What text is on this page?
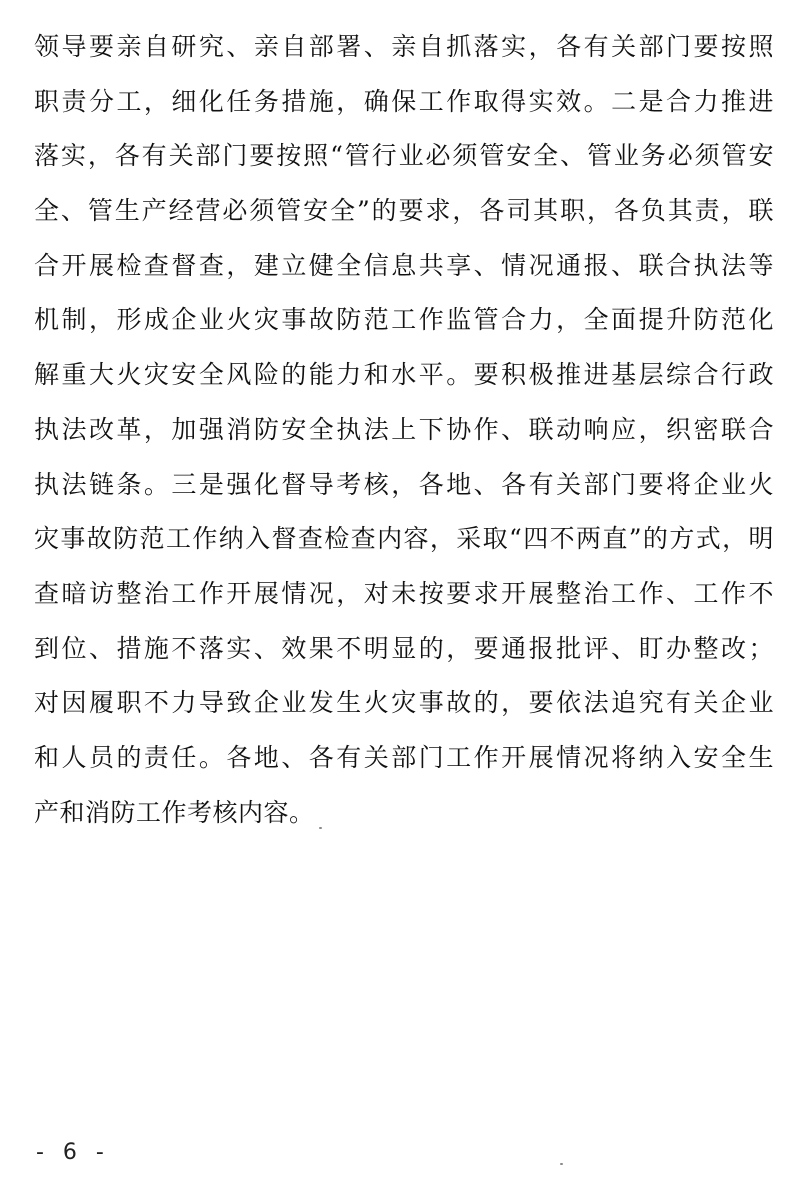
领导要亲自研究、亲自部署、亲自抓落实，各有关部门要按照
职责分工，细化任务措施，确保工作取得实效。二是合力推进
落实，各有关部门要按照“管行业必须管安全、管业务必须管安
全、管生产经营必须管安全”的要求，各司其职，各负其责，联
合开展检查督查，建立健全信息共享、情况通报、联合执法等
机制，形成企业火灾事故防范工作监管合力，全面提升防范化
解重大火灾安全风险的能力和水平。要积极推进基层综合行政
执法改革，加强消防安全执法上下协作、联动响应，织密联合
执法链条。三是强化督导考核，各地、各有关部门要将企业火
灾事故防范工作纳入督查检查内容，采取“四不两直”的方式，明
查暗访整治工作开展情况，对未按要求开展整治工作、工作不
到位、措施不落实、效果不明显的，要通报批评、盯办整改；
对因履职不力导致企业发生火灾事故的，要依法追究有关企业
和人员的责任。各地、各有关部门工作开展情况将纳入安全生
产和消防工作考核内容。
- 6 -
